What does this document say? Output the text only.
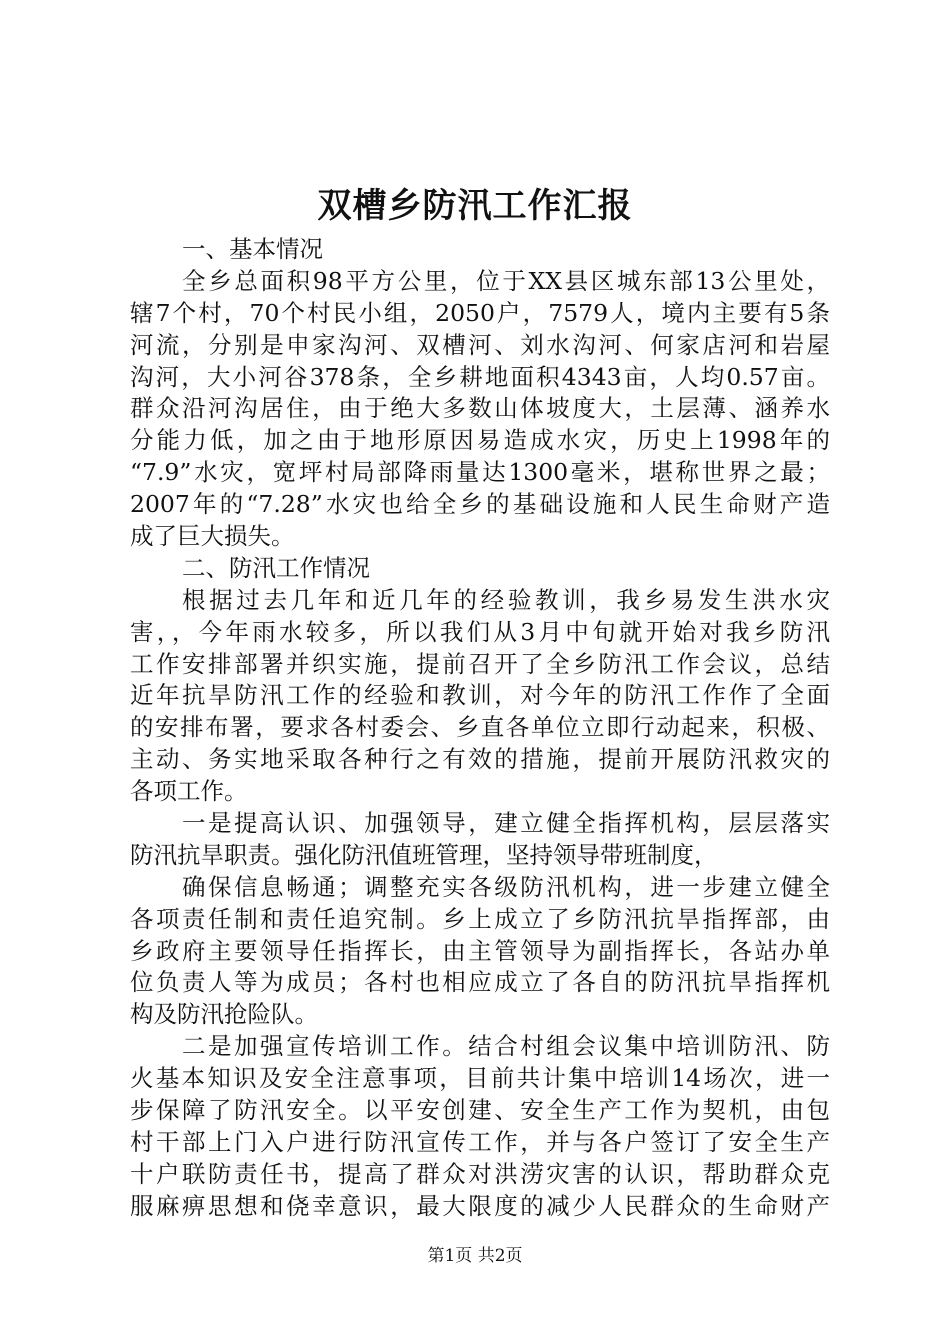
双槽乡防汛工作汇报
一、基本情况
全乡总面积98平方公里，位于XX县区城东部13公里处，
辖7个村，70个村民小组，2050户，7579人，境内主要有5条
河流，分别是申家沟河、双槽河、刘水沟河、何家店河和岩屋
沟河，大小河谷378条，全乡耕地面积4343亩，人均0.57亩。
群众沿河沟居住，由于绝大多数山体坡度大，土层薄、涵养水
分能力低，加之由于地形原因易造成水灾，历史上1998年的
“7.9”水灾，宽坪村局部降雨量达1300毫米，堪称世界之最；
2007年的“7.28”水灾也给全乡的基础设施和人民生命财产造
成了巨大损失。
二、防汛工作情况
根据过去几年和近几年的经验教训，我乡易发生洪水灾
害，，今年雨水较多，所以我们从3月中旬就开始对我乡防汛
工作安排部署并织实施，提前召开了全乡防汛工作会议，总结
近年抗旱防汛工作的经验和教训，对今年的防汛工作作了全面
的安排布署，要求各村委会、乡直各单位立即行动起来，积极、
主动、务实地采取各种行之有效的措施，提前开展防汛救灾的
各项工作。
一是提高认识、加强领导，建立健全指挥机构，层层落实
防汛抗旱职责。强化防汛值班管理，坚持领导带班制度，
确保信息畅通；调整充实各级防汛机构，进一步建立健全
各项责任制和责任追究制。乡上成立了乡防汛抗旱指挥部，由
乡政府主要领导任指挥长，由主管领导为副指挥长，各站办单
位负责人等为成员；各村也相应成立了各自的防汛抗旱指挥机
构及防汛抢险队。
二是加强宣传培训工作。结合村组会议集中培训防汛、防
火基本知识及安全注意事项，目前共计集中培训14场次，进一
步保障了防汛安全。以平安创建、安全生产工作为契机，由包
村干部上门入户进行防汛宣传工作，并与各户签订了安全生产
十户联防责任书，提高了群众对洪涝灾害的认识，帮助群众克
服麻痹思想和侥幸意识，最大限度的减少人民群众的生命财产
第1页 共2页
